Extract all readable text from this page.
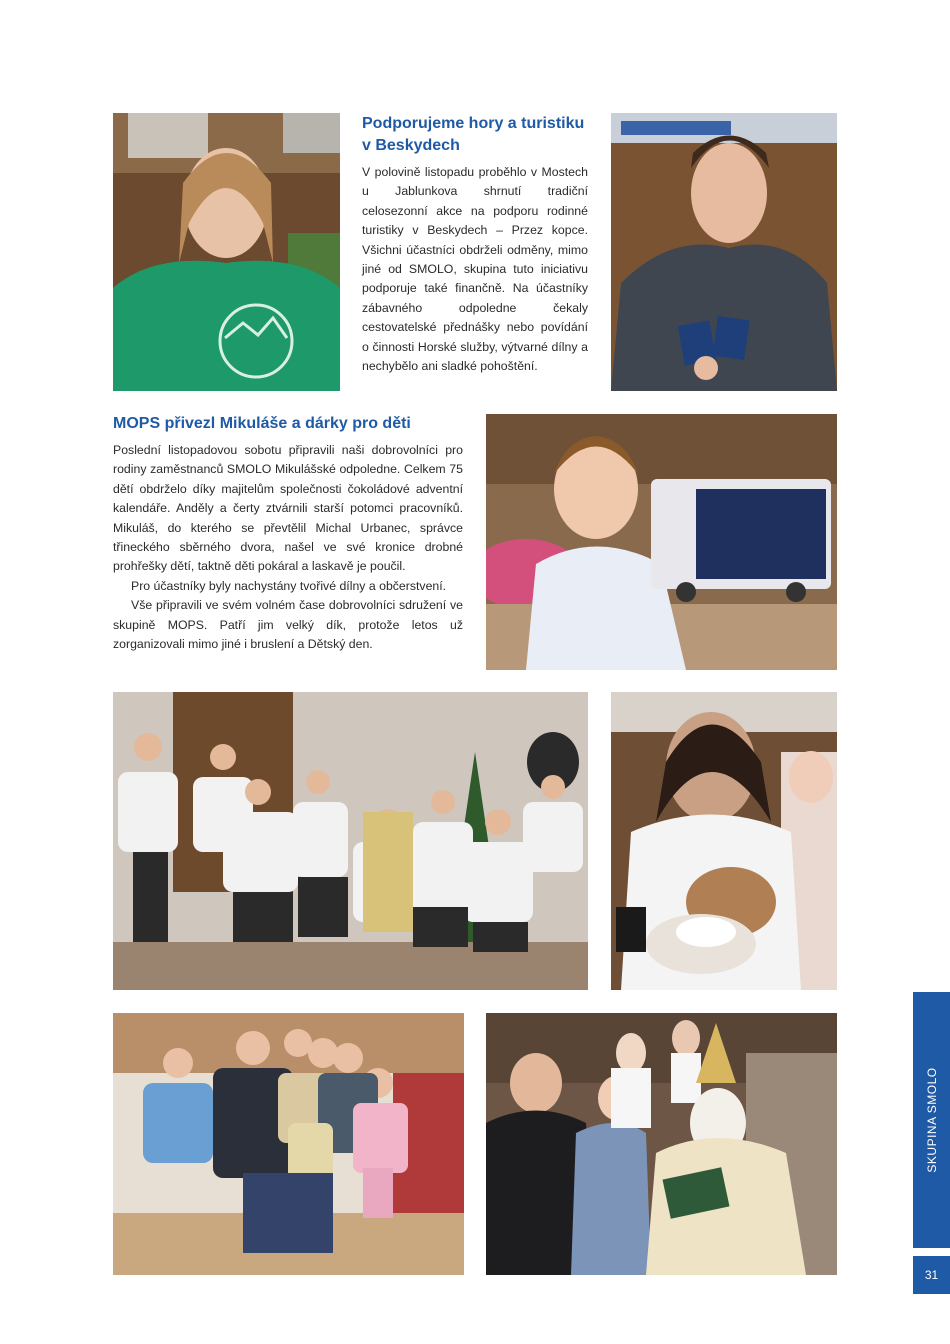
Podporujeme hory a turistiku v Beskydech

V polovině listopadu proběhlo v Mostech u Jablunkova shrnutí tradiční celosezonní akce na podporu rodinné turistiky v Beskydech – Przez kopce. Všichni účastníci obdrželi odměny, mimo jiné od SMOLO, skupina tuto iniciativu podporuje také finančně. Na účastníky zábavného odpoledne čekaly cestovatelské přednášky nebo povídání o činnosti Horské služby, výtvarné dílny a nechybělo ani sladké pohoštění.

MOPS přivezl Mikuláše a dárky pro děti

Poslední listopadovou sobotu připravili naši dobrovolníci pro rodiny zaměstnanců SMOLO Mikulášské odpoledne. Celkem 75 dětí obdrželo díky majitelům společnosti čokoládové adventní kalendáře. Anděly a čerty ztvárnili starší potomci pracovníků. Mikuláš, do kterého se převtělil Michal Urbanec, správce třineckého sběrného dvora, našel ve své kronice drobné prohřešky dětí, taktně děti pokáral a laskavě je poučil.

Pro účastníky byly nachystány tvořivé dílny a občerstvení.

Vše připravili ve svém volném čase dobrovolníci sdružení ve skupině MOPS. Patří jim velký dík, protože letos už zorganizovali mimo jiné i bruslení a Dětský den.

SKUPINA SMOLO
31
